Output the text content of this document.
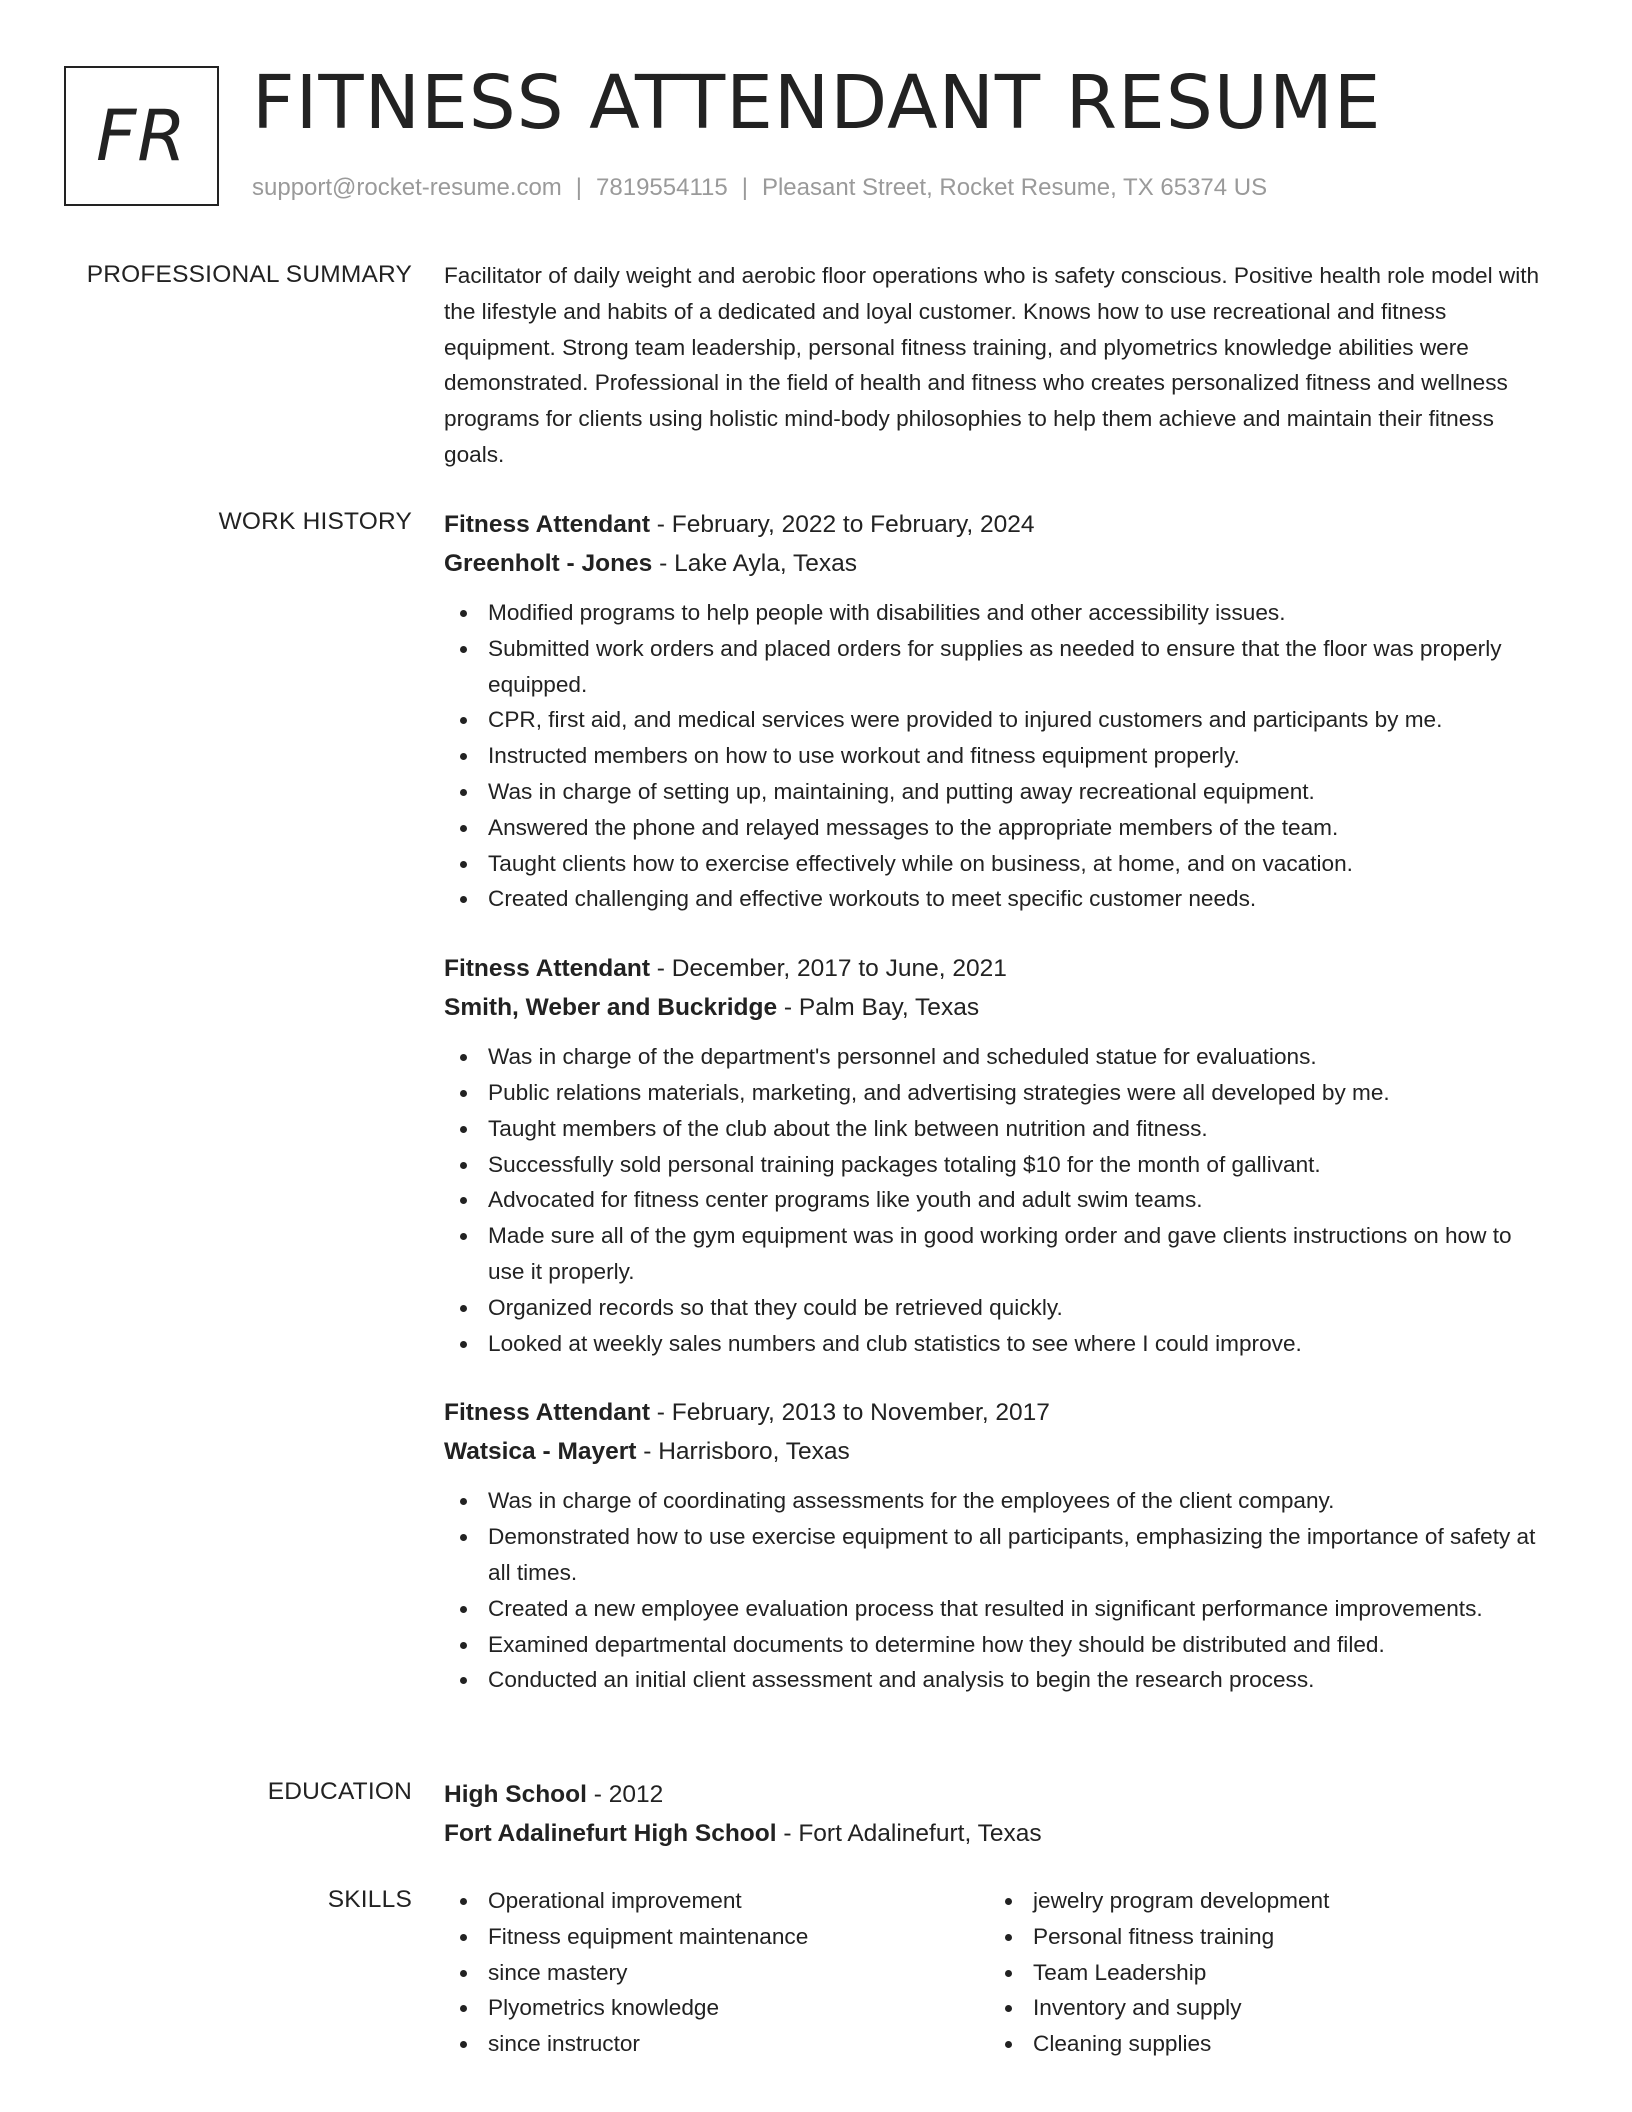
FR FITNESS ATTENDANT RESUME
support@rocket-resume.com | 7819554115 | Pleasant Street, Rocket Resume, TX 65374 US
PROFESSIONAL SUMMARY Facilitator of daily weight and aerobic floor operations who is safety conscious. Positive health role model with the lifestyle and habits of a dedicated and loyal customer. Knows how to use recreational and fitness equipment. Strong team leadership, personal fitness training, and plyometrics knowledge abilities were demonstrated. Professional in the field of health and fitness who creates personalized fitness and wellness programs for clients using holistic mind-body philosophies to help them achieve and maintain their fitness goals.

WORK HISTORY Fitness Attendant - February, 2022 to February, 2024
Greenholt - Jones - Lake Ayla, Texas
Modified programs to help people with disabilities and other accessibility issues.
Submitted work orders and placed orders for supplies as needed to ensure that the floor was properly equipped.
CPR, first aid, and medical services were provided to injured customers and participants by me.
Instructed members on how to use workout and fitness equipment properly.
Was in charge of setting up, maintaining, and putting away recreational equipment.
Answered the phone and relayed messages to the appropriate members of the team.
Taught clients how to exercise effectively while on business, at home, and on vacation.
Created challenging and effective workouts to meet specific customer needs.
Fitness Attendant - December, 2017 to June, 2021
Smith, Weber and Buckridge - Palm Bay, Texas
Was in charge of the department's personnel and scheduled statue for evaluations.
Public relations materials, marketing, and advertising strategies were all developed by me.
Taught members of the club about the link between nutrition and fitness.
Successfully sold personal training packages totaling $10 for the month of gallivant.
Advocated for fitness center programs like youth and adult swim teams.
Made sure all of the gym equipment was in good working order and gave clients instructions on how to use it properly.
Organized records so that they could be retrieved quickly.
Looked at weekly sales numbers and club statistics to see where I could improve.
Fitness Attendant - February, 2013 to November, 2017
Watsica - Mayert - Harrisboro, Texas
Was in charge of coordinating assessments for the employees of the client company.
Demonstrated how to use exercise equipment to all participants, emphasizing the importance of safety at all times.
Created a new employee evaluation process that resulted in significant performance improvements.
Examined departmental documents to determine how they should be distributed and filed.
Conducted an initial client assessment and analysis to begin the research process.
EDUCATION High School - 2012
Fort Adalinefurt High School - Fort Adalinefurt, Texas
SKILLS	Operational improvement
Fitness equipment maintenance
since mastery
Plyometrics knowledge
since instructor
jewelry program development
Personal fitness training
Team Leadership
Inventory and supply
Cleaning supplies
